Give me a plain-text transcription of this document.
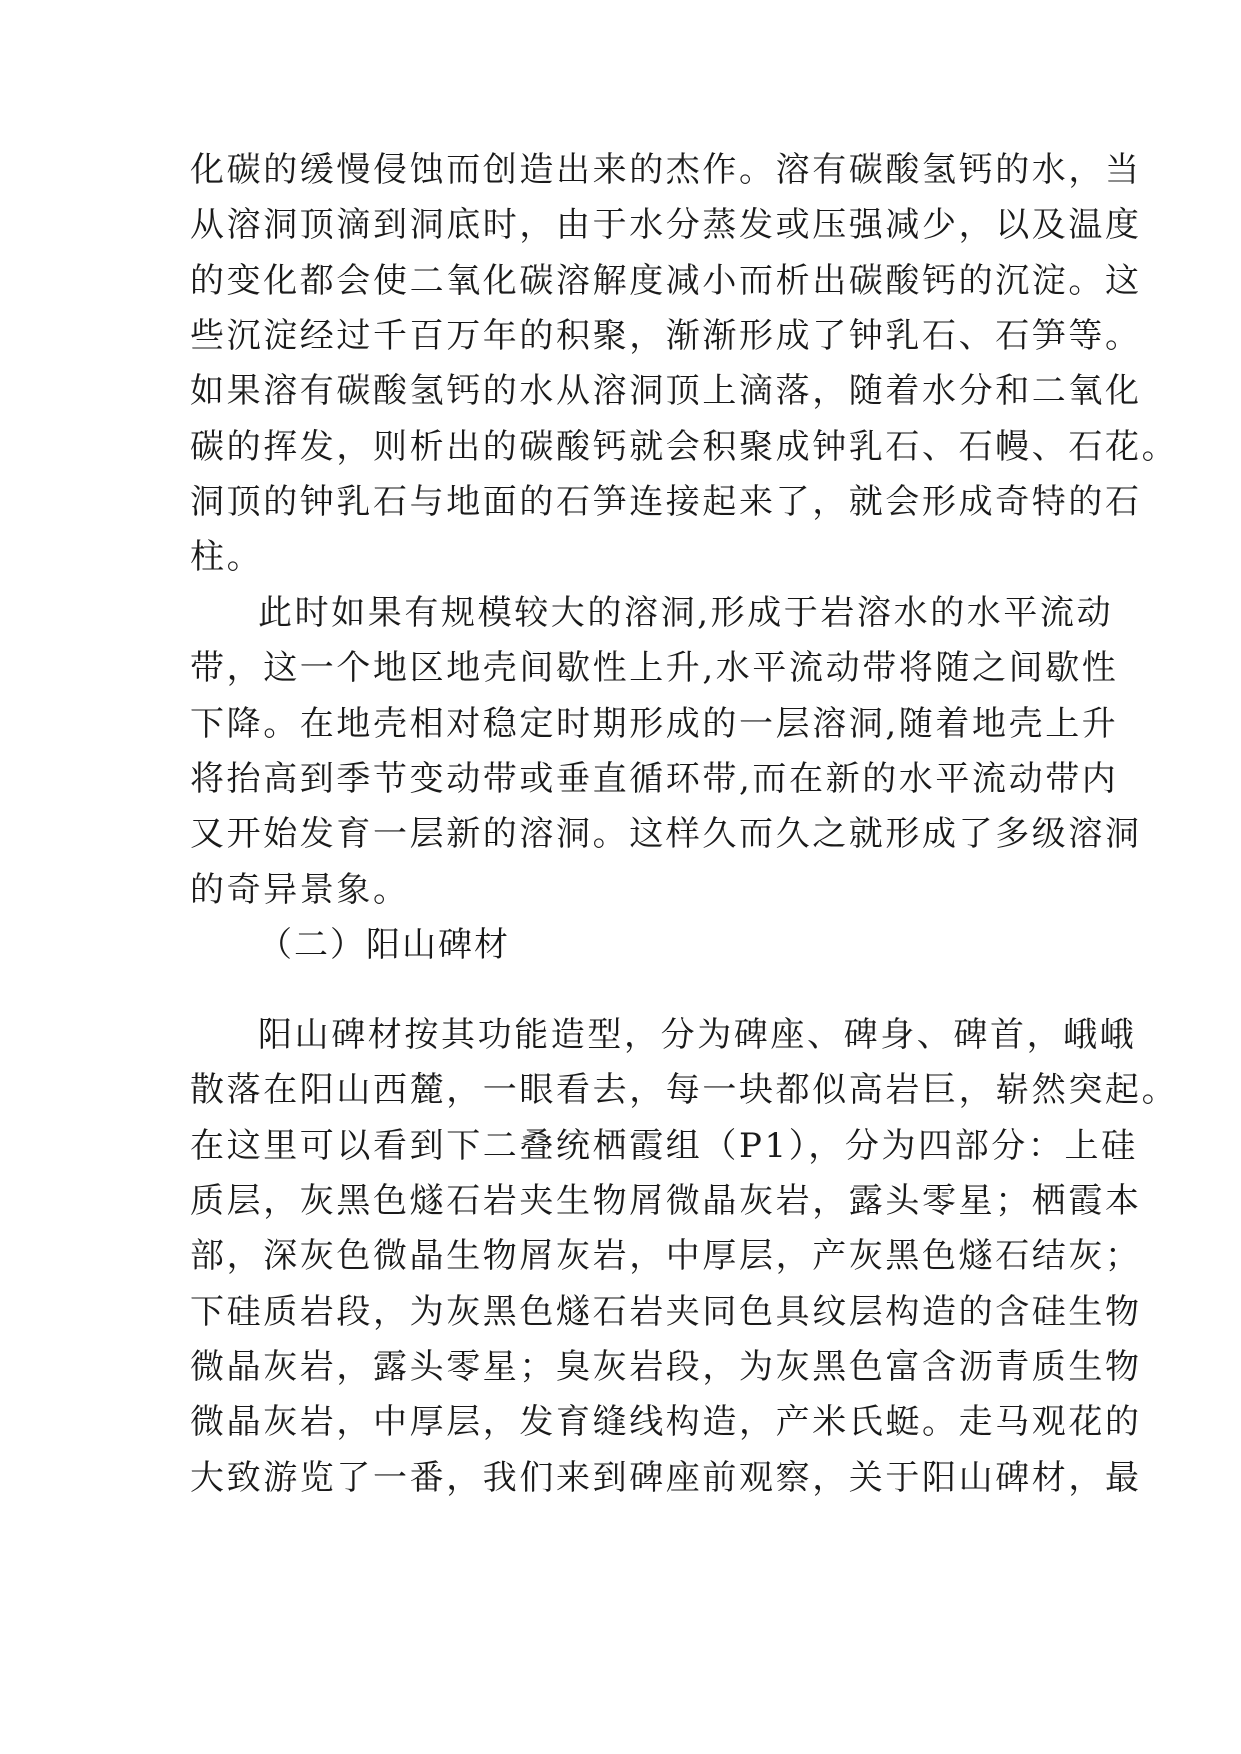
化碳的缓慢侵蚀而创造出来的杰作。溶有碳酸氢钙的水，当
从溶洞顶滴到洞底时，由于水分蒸发或压强减少，以及温度
的变化都会使二氧化碳溶解度减小而析出碳酸钙的沉淀。这
些沉淀经过千百万年的积聚，渐渐形成了钟乳石、石笋等。
如果溶有碳酸氢钙的水从溶洞顶上滴落，随着水分和二氧化
碳的挥发，则析出的碳酸钙就会积聚成钟乳石、石幔、石花。
洞顶的钟乳石与地面的石笋连接起来了，就会形成奇特的石
柱。
此时如果有规模较大的溶洞,形成于岩溶水的水平流动
带，这一个地区地壳间歇性上升,水平流动带将随之间歇性
下降。在地壳相对稳定时期形成的一层溶洞,随着地壳上升
将抬高到季节变动带或垂直循环带,而在新的水平流动带内
又开始发育一层新的溶洞。这样久而久之就形成了多级溶洞
的奇异景象。
（二）阳山碑材
阳山碑材按其功能造型，分为碑座、碑身、碑首，峨峨
散落在阳山西麓，一眼看去，每一块都似高岩巨，崭然突起。
在这里可以看到下二叠统栖霞组（P1），分为四部分：上硅
质层，灰黑色燧石岩夹生物屑微晶灰岩，露头零星；栖霞本
部，深灰色微晶生物屑灰岩，中厚层，产灰黑色燧石结灰；
下硅质岩段，为灰黑色燧石岩夹同色具纹层构造的含硅生物
微晶灰岩，露头零星；臭灰岩段，为灰黑色富含沥青质生物
微晶灰岩，中厚层，发育缝线构造，产米氏蜓。走马观花的
大致游览了一番，我们来到碑座前观察，关于阳山碑材，最
